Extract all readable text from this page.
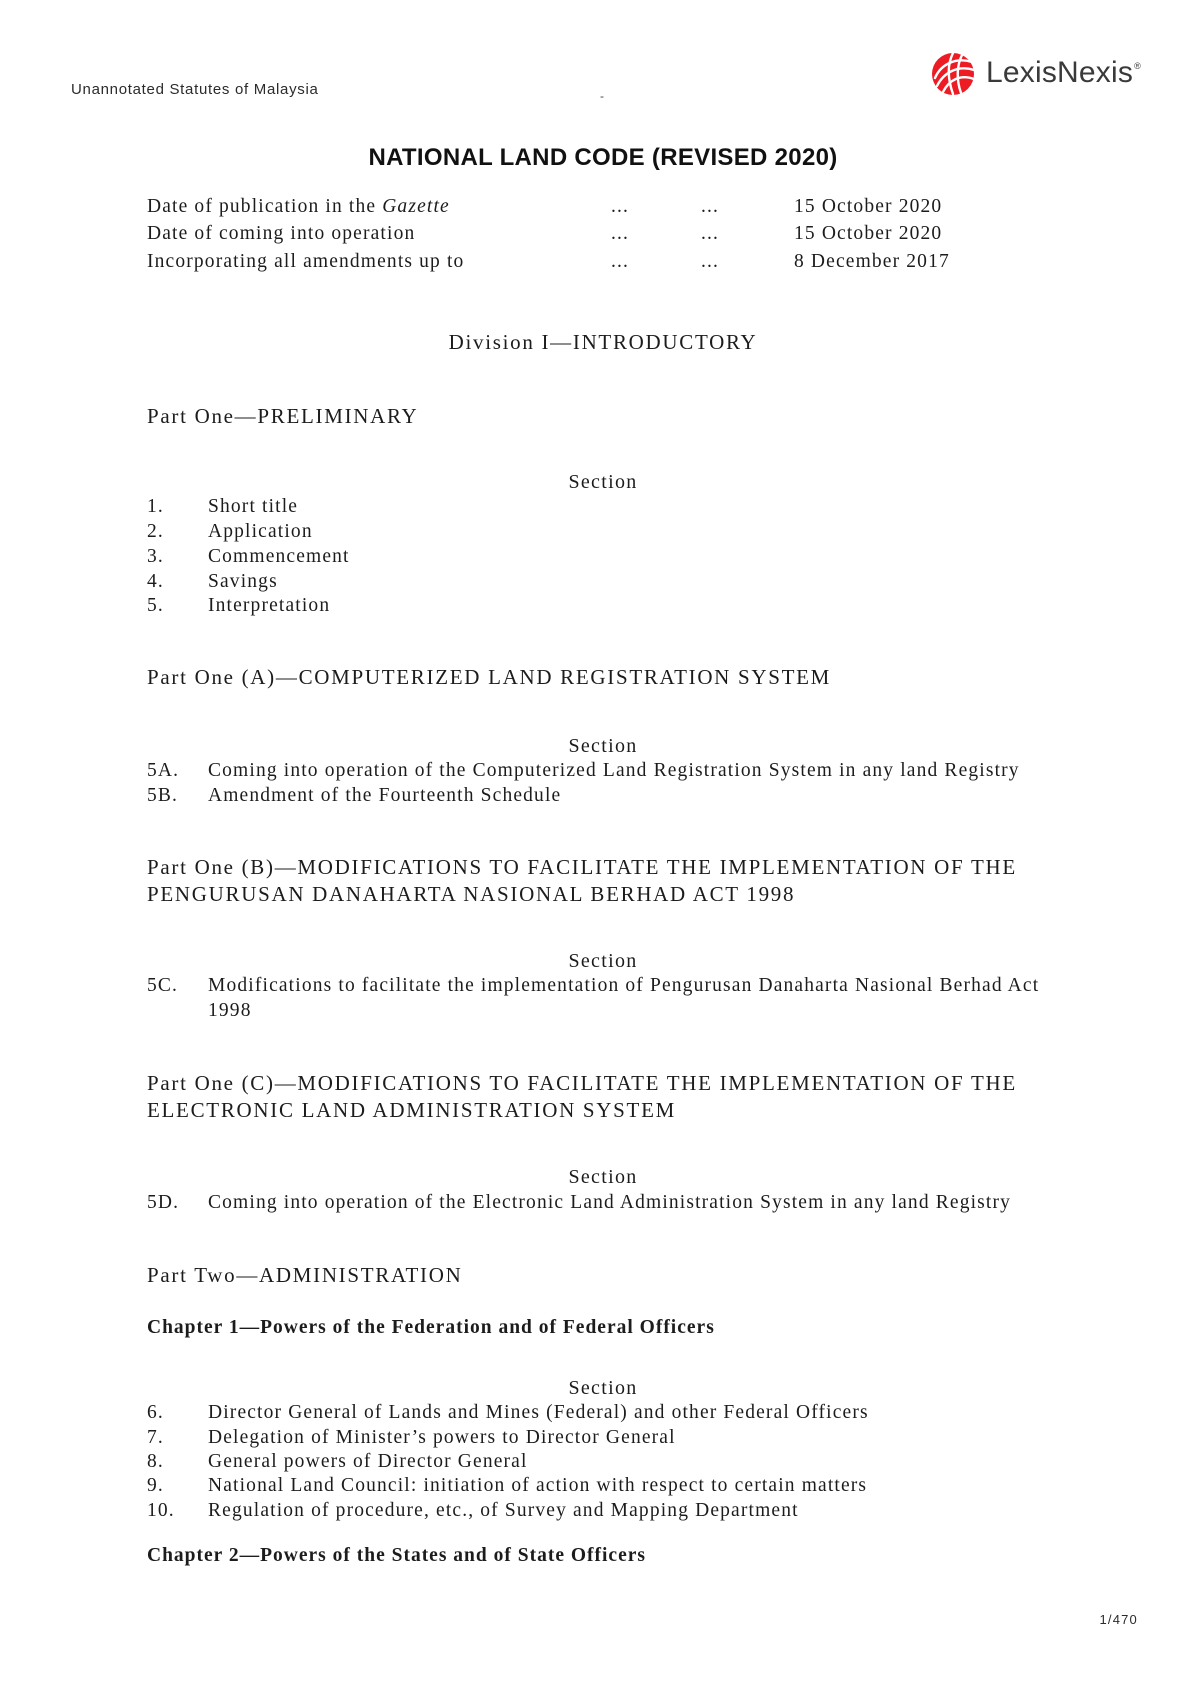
Unannotated Statutes of Malaysia	-
LexisNexis®
NATIONAL LAND CODE (REVISED 2020)
Date of publication in the Gazette	...	...	15 October 2020
Date of coming into operation	...	...	15 October 2020
Incorporating all amendments up to	...	...	8 December 2017
Division I—INTRODUCTORY
Part One—PRELIMINARY
Section
1. Short title
2. Application
3. Commencement
4. Savings
5. Interpretation
Part One (A)—COMPUTERIZED LAND REGISTRATION SYSTEM
Section
5A. Coming into operation of the Computerized Land Registration System in any land Registry
5B. Amendment of the Fourteenth Schedule
Part One (B)—MODIFICATIONS TO FACILITATE THE IMPLEMENTATION OF THE
PENGURUSAN DANAHARTA NASIONAL BERHAD ACT 1998
Section
5C. Modifications to facilitate the implementation of Pengurusan Danaharta Nasional Berhad Act
1998
Part One (C)—MODIFICATIONS TO FACILITATE THE IMPLEMENTATION OF THE
ELECTRONIC LAND ADMINISTRATION SYSTEM
Section
5D. Coming into operation of the Electronic Land Administration System in any land Registry
Part Two—ADMINISTRATION
Chapter 1—Powers of the Federation and of Federal Officers
Section
6. Director General of Lands and Mines (Federal) and other Federal Officers
7. Delegation of Minister’s powers to Director General
8. General powers of Director General
9. National Land Council: initiation of action with respect to certain matters
10. Regulation of procedure, etc., of Survey and Mapping Department
Chapter 2—Powers of the States and of State Officers
1/470
